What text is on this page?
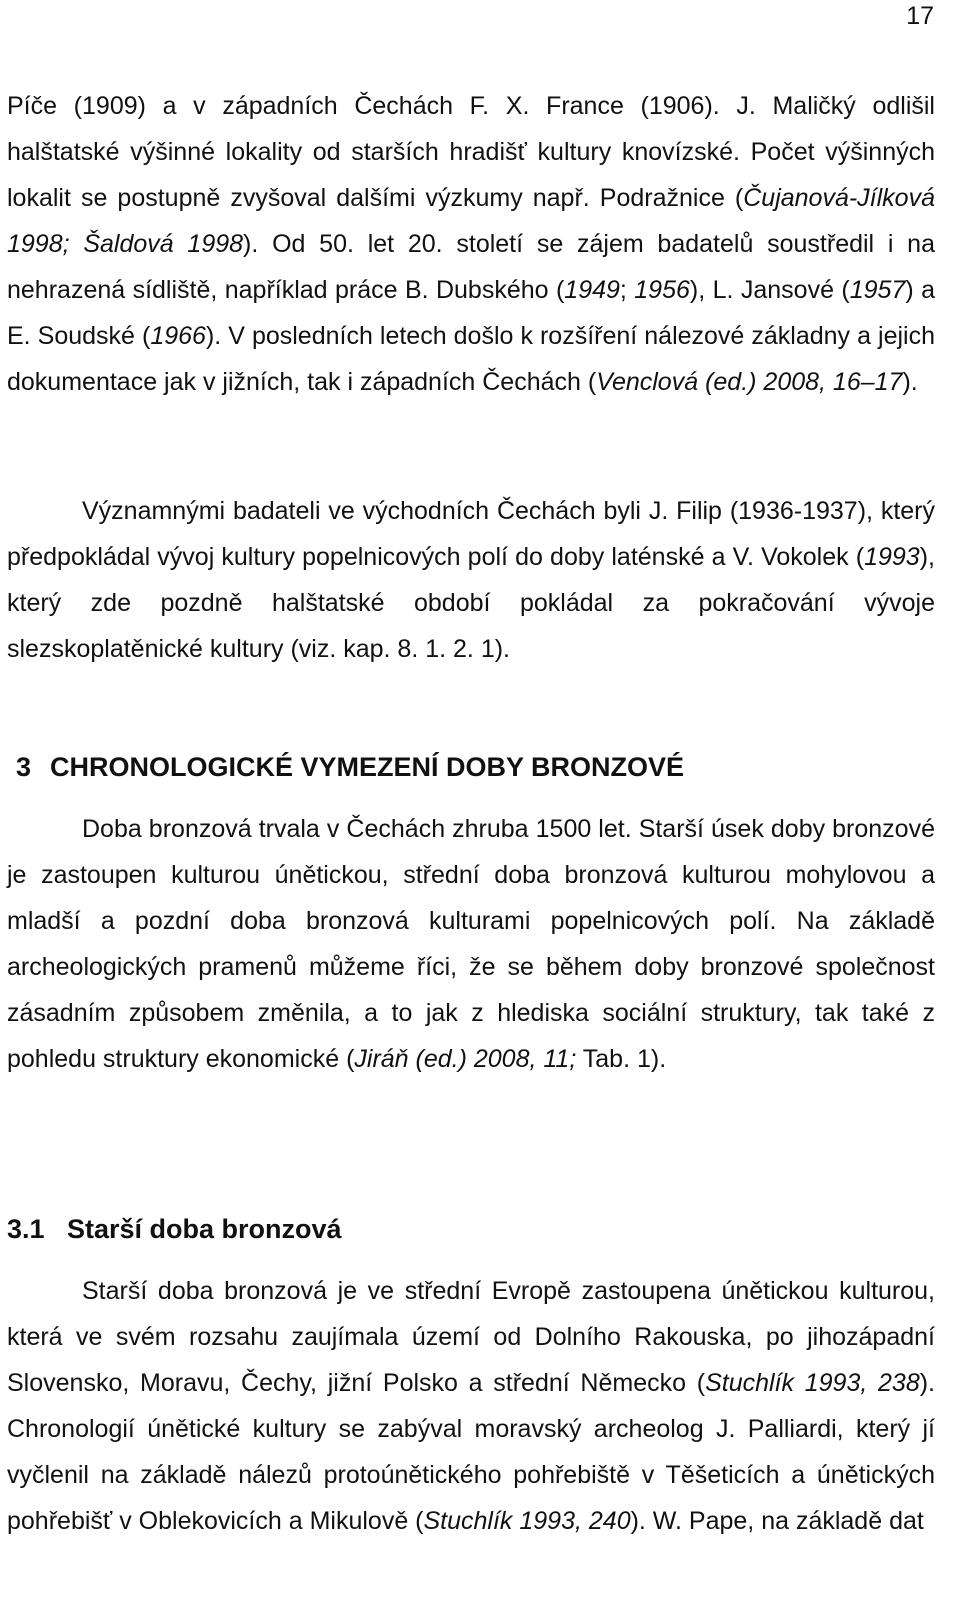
17

Píče (1909) a v západních Čechách F. X. France (1906). J. Maličký odlišil halštatské výšinné lokality od starších hradišť kultury knovízské. Počet výšinných lokalit se postupně zvyšoval dalšími výzkumy např. Podražnice (Čujanová-Jílková 1998; Šaldová 1998). Od 50. let 20. století se zájem badatelů soustředil i na nehrazená sídliště, například práce B. Dubského (1949; 1956), L. Jansové (1957) a E. Soudské (1966). V posledních letech došlo k rozšíření nálezové základny a jejich dokumentace jak v jižních, tak i západních Čechách (Venclová (ed.) 2008, 16–17).

Významnými badateli ve východních Čechách byli J. Filip (1936-1937), který předpokládal vývoj kultury popelnicových polí do doby laténské a V. Vokolek (1993), který zde pozdně halštatské období pokládal za pokračování vývoje slezskoplatěnické kultury (viz. kap. 8. 1. 2. 1).

3 CHRONOLOGICKÉ VYMEZENÍ DOBY BRONZOVÉ

Doba bronzová trvala v Čechách zhruba 1500 let. Starší úsek doby bronzové je zastoupen kulturou únětickou, střední doba bronzová kulturou mohylovou a mladší a pozdní doba bronzová kulturami popelnicových polí. Na základě archeologických pramenů můžeme říci, že se během doby bronzové společnost zásadním způsobem změnila, a to jak z hlediska sociální struktury, tak také z pohledu struktury ekonomické (Jiráň (ed.) 2008, 11; Tab. 1).

3.1 Starší doba bronzová

Starší doba bronzová je ve střední Evropě zastoupena únětickou kulturou, která ve svém rozsahu zaujímala území od Dolního Rakouska, po jihozápadní Slovensko, Moravu, Čechy, jižní Polsko a střední Německo (Stuchlík 1993, 238). Chronologií únětické kultury se zabýval moravský archeolog J. Palliardi, který jí vyčlenil na základě nálezů protoúnětického pohřebiště v Těšeticích a únětických pohřebišť v Oblekovicích a Mikulově (Stuchlík 1993, 240). W. Pape, na základě dat
